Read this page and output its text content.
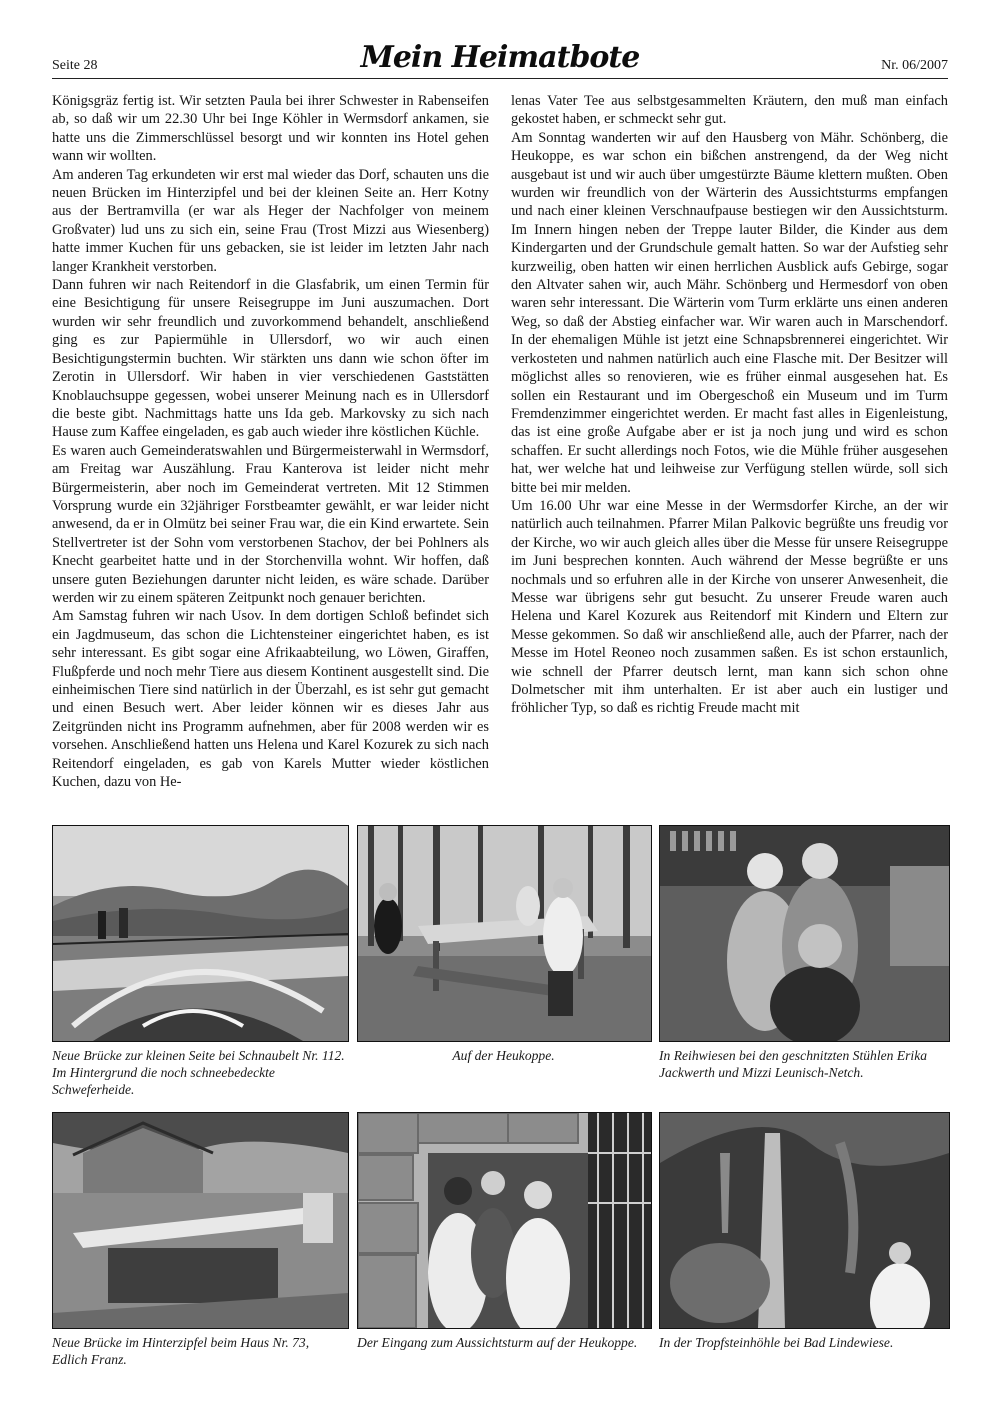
Seite 28	Mein Heimatbote	Nr. 06/2007

Königsgräz fertig ist. Wir setzten Paula bei ihrer Schwester in Rabenseifen ab, so daß wir um 22.30 Uhr bei Inge Köhler in Wermsdorf ankamen, sie hatte uns die Zimmerschlüssel besorgt und wir konnten ins Hotel gehen wann wir wollten.

Am anderen Tag erkundeten wir erst mal wieder das Dorf, schauten uns die neuen Brücken im Hinterzipfel und bei der kleinen Seite an. Herr Kotny aus der Bertramvilla (er war als Heger der Nachfolger von meinem Großvater) lud uns zu sich ein, seine Frau (Trost Mizzi aus Wiesenberg) hatte immer Kuchen für uns gebacken, sie ist leider im letzten Jahr nach langer Krankheit verstorben.

Dann fuhren wir nach Reitendorf in die Glasfabrik, um einen Termin für eine Besichtigung für unsere Reisegruppe im Juni auszumachen. Dort wurden wir sehr freundlich und zuvorkommend behandelt, anschließend ging es zur Papiermühle in Ullersdorf, wo wir auch einen Besichtigungstermin buchten. Wir stärkten uns dann wie schon öfter im Zerotin in Ullersdorf. Wir haben in vier verschiedenen Gaststätten Knoblauchsuppe gegessen, wobei unserer Meinung nach es in Ullersdorf die beste gibt. Nachmittags hatte uns Ida geb. Markovsky zu sich nach Hause zum Kaffee eingeladen, es gab auch wieder ihre köstlichen Küchle.

Es waren auch Gemeinderatswahlen und Bürgermeisterwahl in Wermsdorf, am Freitag war Auszählung. Frau Kanterova ist leider nicht mehr Bürgermeisterin, aber noch im Gemeinderat vertreten. Mit 12 Stimmen Vorsprung wurde ein 32jähriger Forstbeamter gewählt, er war leider nicht anwesend, da er in Olmütz bei seiner Frau war, die ein Kind erwartete. Sein Stellvertreter ist der Sohn vom verstorbenen Stachov, der bei Pohlners als Knecht gearbeitet hatte und in der Storchenvilla wohnt. Wir hoffen, daß unsere guten Beziehungen darunter nicht leiden, es wäre schade. Darüber werden wir zu einem späteren Zeitpunkt noch genauer berichten.

Am Samstag fuhren wir nach Usov. In dem dortigen Schloß befindet sich ein Jagdmuseum, das schon die Lichtensteiner eingerichtet haben, es ist sehr interessant. Es gibt sogar eine Afrikaabteilung, wo Löwen, Giraffen, Flußpferde und noch mehr Tiere aus diesem Kontinent ausgestellt sind. Die einheimischen Tiere sind natürlich in der Überzahl, es ist sehr gut gemacht und einen Besuch wert. Aber leider können wir es dieses Jahr aus Zeitgründen nicht ins Programm aufnehmen, aber für 2008 werden wir es vorsehen. Anschließend hatten uns Helena und Karel Kozurek zu sich nach Reitendorf eingeladen, es gab von Karels Mutter wieder köstlichen Kuchen, dazu von He-

lenas Vater Tee aus selbstgesammelten Kräutern, den muß man einfach gekostet haben, er schmeckt sehr gut.

Am Sonntag wanderten wir auf den Hausberg von Mähr. Schönberg, die Heukoppe, es war schon ein bißchen anstrengend, da der Weg nicht ausgebaut ist und wir auch über umgestürzte Bäume klettern mußten. Oben wurden wir freundlich von der Wärterin des Aussichtsturms empfangen und nach einer kleinen Verschnaufpause bestiegen wir den Aussichtsturm. Im Innern hingen neben der Treppe lauter Bilder, die Kinder aus dem Kindergarten und der Grundschule gemalt hatten. So war der Aufstieg sehr kurzweilig, oben hatten wir einen herrlichen Ausblick aufs Gebirge, sogar den Altvater sahen wir, auch Mähr. Schönberg und Hermesdorf von oben waren sehr interessant. Die Wärterin vom Turm erklärte uns einen anderen Weg, so daß der Abstieg einfacher war. Wir waren auch in Marschendorf. In der ehemaligen Mühle ist jetzt eine Schnapsbrennerei eingerichtet. Wir verkosteten und nahmen natürlich auch eine Flasche mit. Der Besitzer will möglichst alles so renovieren, wie es früher einmal ausgesehen hat. Es sollen ein Restaurant und im Obergeschoß ein Museum und im Turm Fremdenzimmer eingerichtet werden. Er macht fast alles in Eigenleistung, das ist eine große Aufgabe aber er ist ja noch jung und wird es schon schaffen. Er sucht allerdings noch Fotos, wie die Mühle früher ausgesehen hat, wer welche hat und leihweise zur Verfügung stellen würde, soll sich bitte bei mir melden.

Um 16.00 Uhr war eine Messe in der Wermsdorfer Kirche, an der wir natürlich auch teilnahmen. Pfarrer Milan Palkovic begrüßte uns freudig vor der Kirche, wo wir auch gleich alles über die Messe für unsere Reisegruppe im Juni besprechen konnten. Auch während der Messe begrüßte er uns nochmals und so erfuhren alle in der Kirche von unserer Anwesenheit, die Messe war übrigens sehr gut besucht. Zu unserer Freude waren auch Helena und Karel Kozurek aus Reitendorf mit Kindern und Eltern zur Messe gekommen. So daß wir anschließend alle, auch der Pfarrer, nach der Messe im Hotel Reoneo noch zusammen saßen. Es ist schon erstaunlich, wie schnell der Pfarrer deutsch lernt, man kann sich schon ohne Dolmetscher mit ihm unterhalten. Er ist aber auch ein lustiger und fröhlicher Typ, so daß es richtig Freude macht mit

Neue Brücke zur kleinen Seite bei Schnaubelt Nr. 112. Im Hintergrund die noch schneebedeckte Schweferheide.
Auf der Heukoppe.	In Reihwiesen bei den geschnitzten Stühlen Erika Jackwerth und Mizzi Leunisch-Netch.
Neue Brücke im Hinterzipfel beim Haus Nr. 73, Edlich Franz.
Der Eingang zum Aussichtsturm auf der Heukoppe.	In der Tropfsteinhöhle bei Bad Lindewiese.
